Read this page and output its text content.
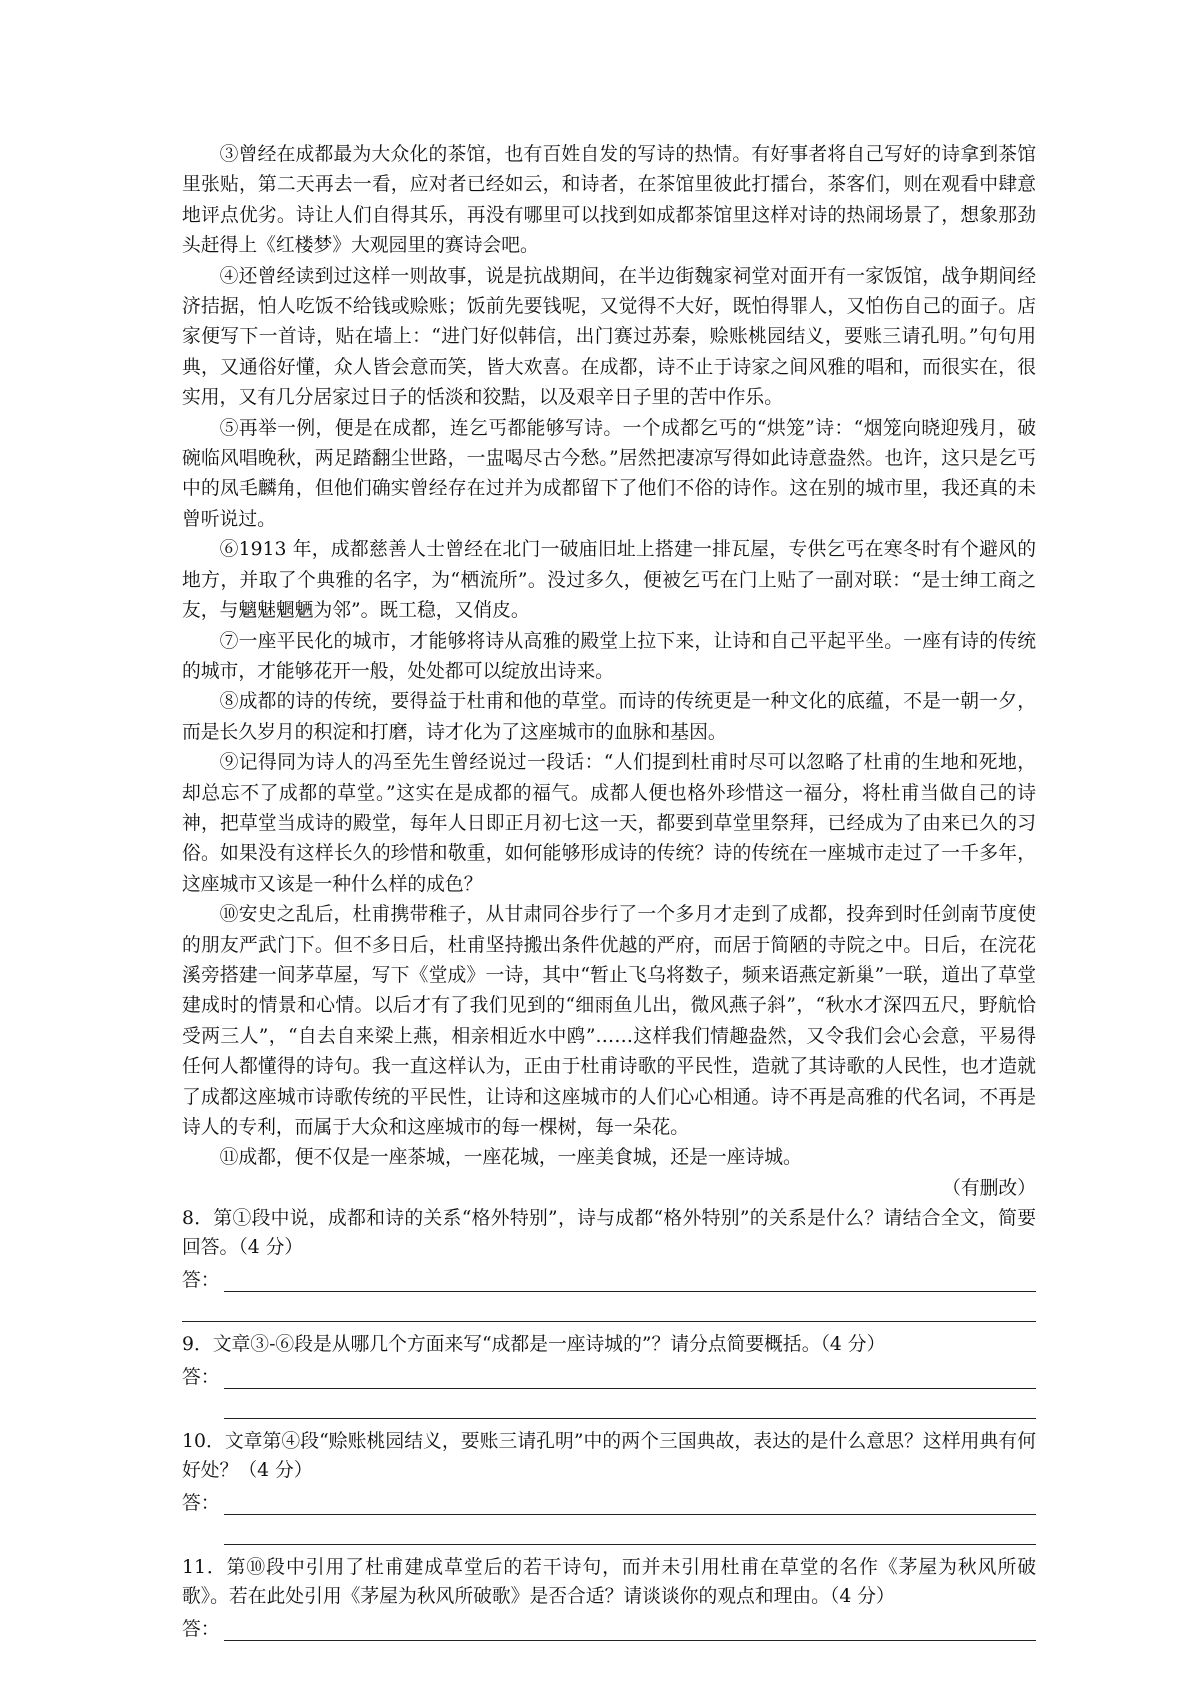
③曾经在成都最为大众化的茶馆，也有百姓自发的写诗的热情。有好事者将自己写好的诗拿到茶馆里张贴，第二天再去一看，应对者已经如云，和诗者，在茶馆里彼此打擂台，茶客们，则在观看中肆意地评点优劣。诗让人们自得其乐，再没有哪里可以找到如成都茶馆里这样对诗的热闹场景了，想象那劲头赶得上《红楼梦》大观园里的赛诗会吧。

④还曾经读到过这样一则故事，说是抗战期间，在半边街魏家祠堂对面开有一家饭馆，战争期间经济拮据，怕人吃饭不给钱或赊账；饭前先要钱呢，又觉得不大好，既怕得罪人，又怕伤自己的面子。店家便写下一首诗，贴在墙上：“进门好似韩信，出门赛过苏秦，赊账桃园结义，要账三请孔明。”句句用典，又通俗好懂，众人皆会意而笑，皆大欢喜。在成都，诗不止于诗家之间风雅的唱和，而很实在，很实用，又有几分居家过日子的恬淡和狡黠，以及艰辛日子里的苦中作乐。

⑤再举一例，便是在成都，连乞丐都能够写诗。一个成都乞丐的“烘笼”诗：“烟笼向晓迎残月，破碗临风唱晚秋，两足踏翻尘世路，一盅喝尽古今愁。”居然把凄凉写得如此诗意盎然。也许，这只是乞丐中的凤毛麟角，但他们确实曾经存在过并为成都留下了他们不俗的诗作。这在别的城市里，我还真的未曾听说过。

⑥1913 年，成都慈善人士曾经在北门一破庙旧址上搭建一排瓦屋，专供乞丐在寒冬时有个避风的地方，并取了个典雅的名字，为“栖流所”。没过多久，便被乞丐在门上贴了一副对联：“是士绅工商之友，与魑魅魍魉为邻”。既工稳，又俏皮。

⑦一座平民化的城市，才能够将诗从高雅的殿堂上拉下来，让诗和自己平起平坐。一座有诗的传统的城市，才能够花开一般，处处都可以绽放出诗来。

⑧成都的诗的传统，要得益于杜甫和他的草堂。而诗的传统更是一种文化的底蕴，不是一朝一夕，而是长久岁月的积淀和打磨，诗才化为了这座城市的血脉和基因。

⑨记得同为诗人的冯至先生曾经说过一段话：“人们提到杜甫时尽可以忽略了杜甫的生地和死地，却总忘不了成都的草堂。”这实在是成都的福气。成都人便也格外珍惜这一福分，将杜甫当做自己的诗神，把草堂当成诗的殿堂，每年人日即正月初七这一天，都要到草堂里祭拜，已经成为了由来已久的习俗。如果没有这样长久的珍惜和敬重，如何能够形成诗的传统？诗的传统在一座城市走过了一千多年，这座城市又该是一种什么样的成色？

⑩安史之乱后，杜甫携带稚子，从甘肃同谷步行了一个多月才走到了成都，投奔到时任剑南节度使的朋友严武门下。但不多日后，杜甫坚持搬出条件优越的严府，而居于简陋的寺院之中。日后，在浣花溪旁搭建一间茅草屋，写下《堂成》一诗，其中“暂止飞乌将数子，频来语燕定新巢”一联，道出了草堂建成时的情景和心情。以后才有了我们见到的“细雨鱼儿出，微风燕子斜”，“秋水才深四五尺，野航恰受两三人”，“自去自来梁上燕，相亲相近水中鸥”……这样我们情趣盎然，又令我们会心会意，平易得任何人都懂得的诗句。我一直这样认为，正由于杜甫诗歌的平民性，造就了其诗歌的人民性，也才造就了成都这座城市诗歌传统的平民性，让诗和这座城市的人们心心相通。诗不再是高雅的代名词，不再是诗人的专利，而属于大众和这座城市的每一棵树，每一朵花。

⑪成都，便不仅是一座茶城，一座花城，一座美食城，还是一座诗城。

（有删改）

8．第①段中说，成都和诗的关系“格外特别”，诗与成都“格外特别”的关系是什么？请结合全文，简要回答。（4 分）

答：

9．文章③-⑥段是从哪几个方面来写“成都是一座诗城的”？请分点简要概括。（4 分）

答：

10．文章第④段“赊账桃园结义，要账三请孔明”中的两个三国典故，表达的是什么意思？这样用典有何好处？（4 分）

答：

11．第⑩段中引用了杜甫建成草堂后的若干诗句，而并未引用杜甫在草堂的名作《茅屋为秋风所破歌》。若在此处引用《茅屋为秋风所破歌》是否合适？请谈谈你的观点和理由。（4 分）

答：
